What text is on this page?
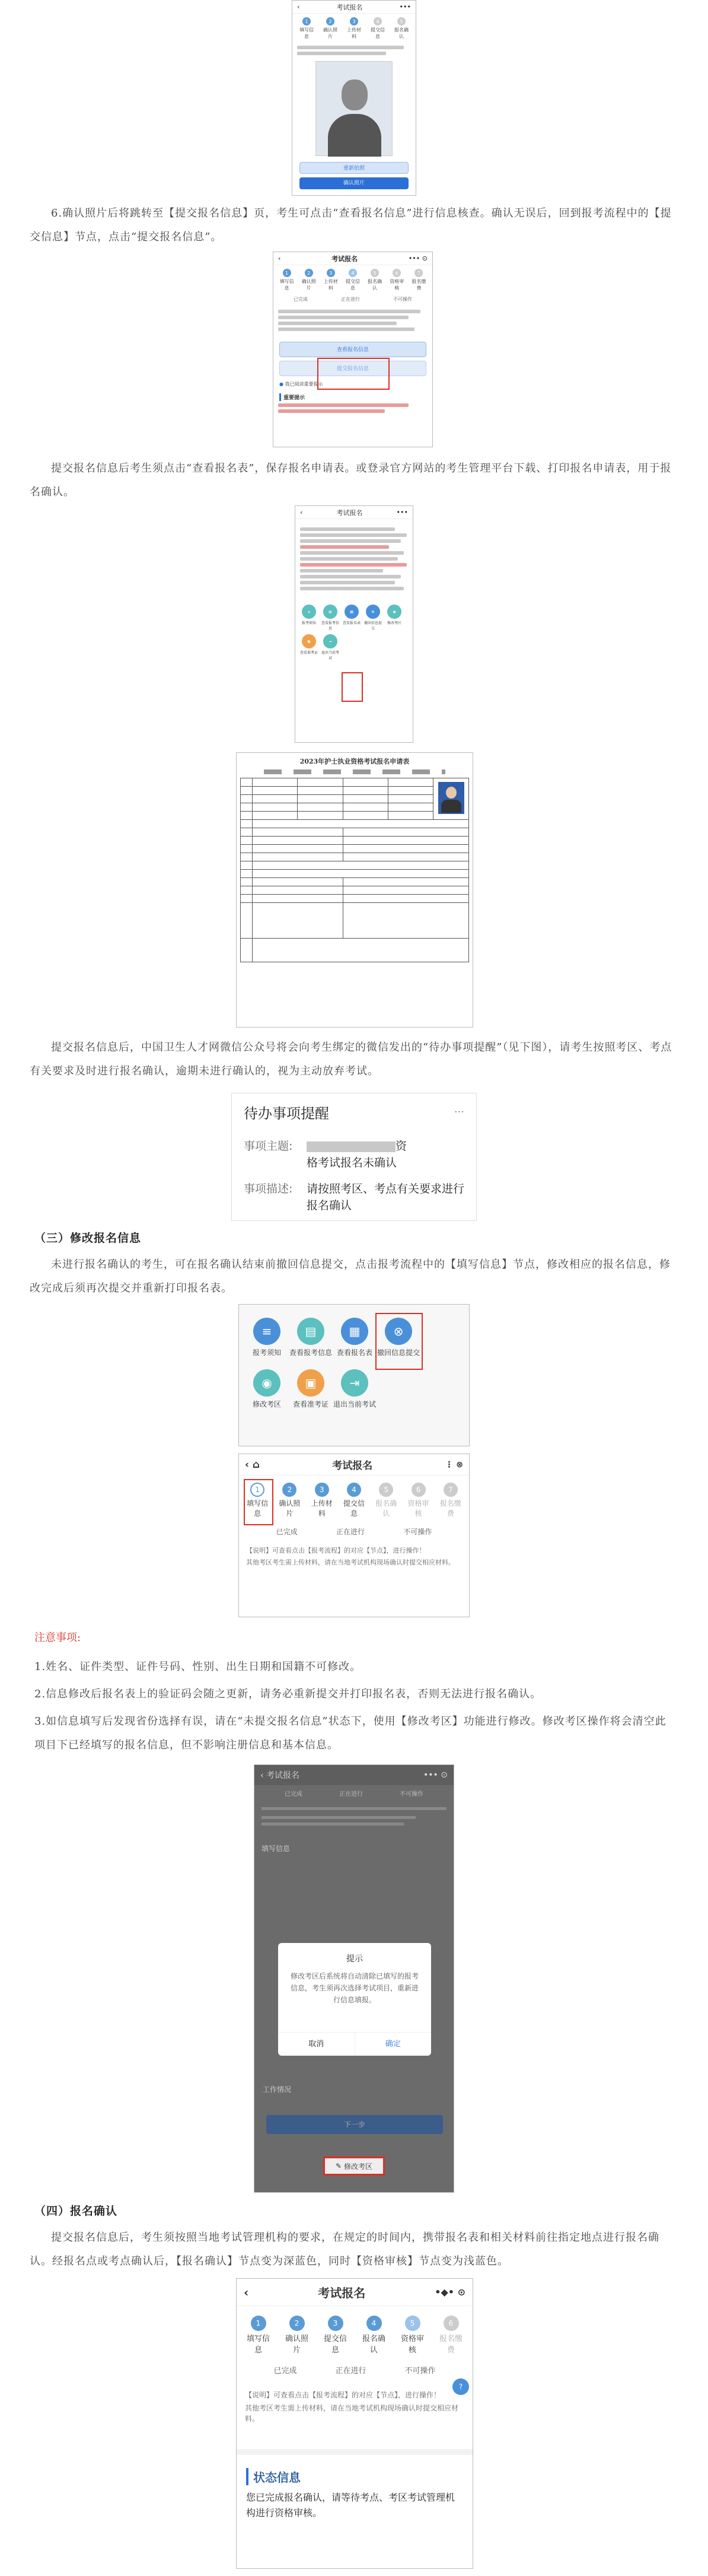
‹	考试报名	•••
1
填写信息
2
确认照片
3
上传材料
4
提交信息
5
报名确认
重新拍照
确认照片
6.确认照片后将跳转至【提交报名信息】页，考生可点击“查看报名信息”进行信息核查。确认无误后，回到报考流程中的【提交信息】节点，点击“提交报名信息”。
‹	考试报名	••• ⊙
1
填写信息
2
确认照片
3
上传材料
4
提交信息
5
报名确认
6
资格审核
7
报名缴费
已完成	正在进行	不可操作
查看报名信息
提交报名信息
● 我已阅读重要提示
重要提示
提交报名信息后考生须点击“查看报名表”，保存报名申请表。或登录官方网站的考生管理平台下载、打印报名申请表，用于报名确认。
‹	考试报名	•••
≡
报考须知
▤
查看报考信息
▦
查看报名表
⊗
撤回信息提交
◉
修改考区
▣
查看准考证
⇥
退出当前考试
2023年护士执业资格考试报名申请表

提交报名信息后，中国卫生人才网微信公众号将会向考生绑定的微信发出的“待办事项提醒”（见下图），请考生按照考区、考点有关要求及时进行报名确认，逾期未进行确认的，视为主动放弃考试。
待办事项提醒	···
事项主题:	资
格考试报名未确认
事项描述:	请按照考区、考点有关要求进行报名确认
（三）修改报名信息
未进行报名确认的考生，可在报名确认结束前撤回信息提交，点击报考流程中的【填写信息】节点，修改相应的报名信息，修改完成后须再次提交并重新打印报名表。
≡
报考须知
▤
查看报考信息
▦
查看报名表
⊗
撤回信息提交
◉
修改考区
▣
查看准考证
⇥
退出当前考试
‹ ⌂	考试报名	⋮ ⊗
1
填写信息
2
确认照片
3
上传材料
4
提交信息
5
报名确认
6
资格审核
7
报名缴费
已完成	正在进行	不可操作
【说明】可查看点击【报考流程】的对应【节点】，进行操作！
其他考区考生需上传材料，请在当地考试机构现场确认时提交相应材料。
注意事项:
1.姓名、证件类型、证件号码、性别、出生日期和国籍不可修改。
2.信息修改后报名表上的验证码会随之更新，请务必重新提交并打印报名表，否则无法进行报名确认。
3.如信息填写后发现省份选择有误，请在“未提交报名信息”状态下，使用【修改考区】功能进行修改。修改考区操作将会清空此项目下已经填写的报名信息，但不影响注册信息和基本信息。
‹ 考试报名	••• ⊙
已完成	正在进行	不可操作
填写信息
提示
修改考区后系统将自动清除已填写的报考信息，考生须再次选择考试项目，重新进行信息填报。
取消	确定
工作情况
下一步
✎ 修改考区
（四）报名确认
提交报名信息后，考生须按照当地考试管理机构的要求，在规定的时间内，携带报名表和相关材料前往指定地点进行报名确认。经报名点或考点确认后，【报名确认】节点变为深蓝色，同时【资格审核】节点变为浅蓝色。
‹	考试报名	•◆• ⊙
1
填写信息
2
确认照片
3
提交信息
4
报名确认
5
资格审核
6
报名缴费
已完成	正在进行	不可操作
【说明】可查看点击【报考流程】的对应【节点】，进行操作！
其他考区考生需上传材料，请在当地考试机构现场确认时提交相应材料。
?
状态信息
您已完成报名确认，请等待考点、考区考试管理机构进行资格审核。
